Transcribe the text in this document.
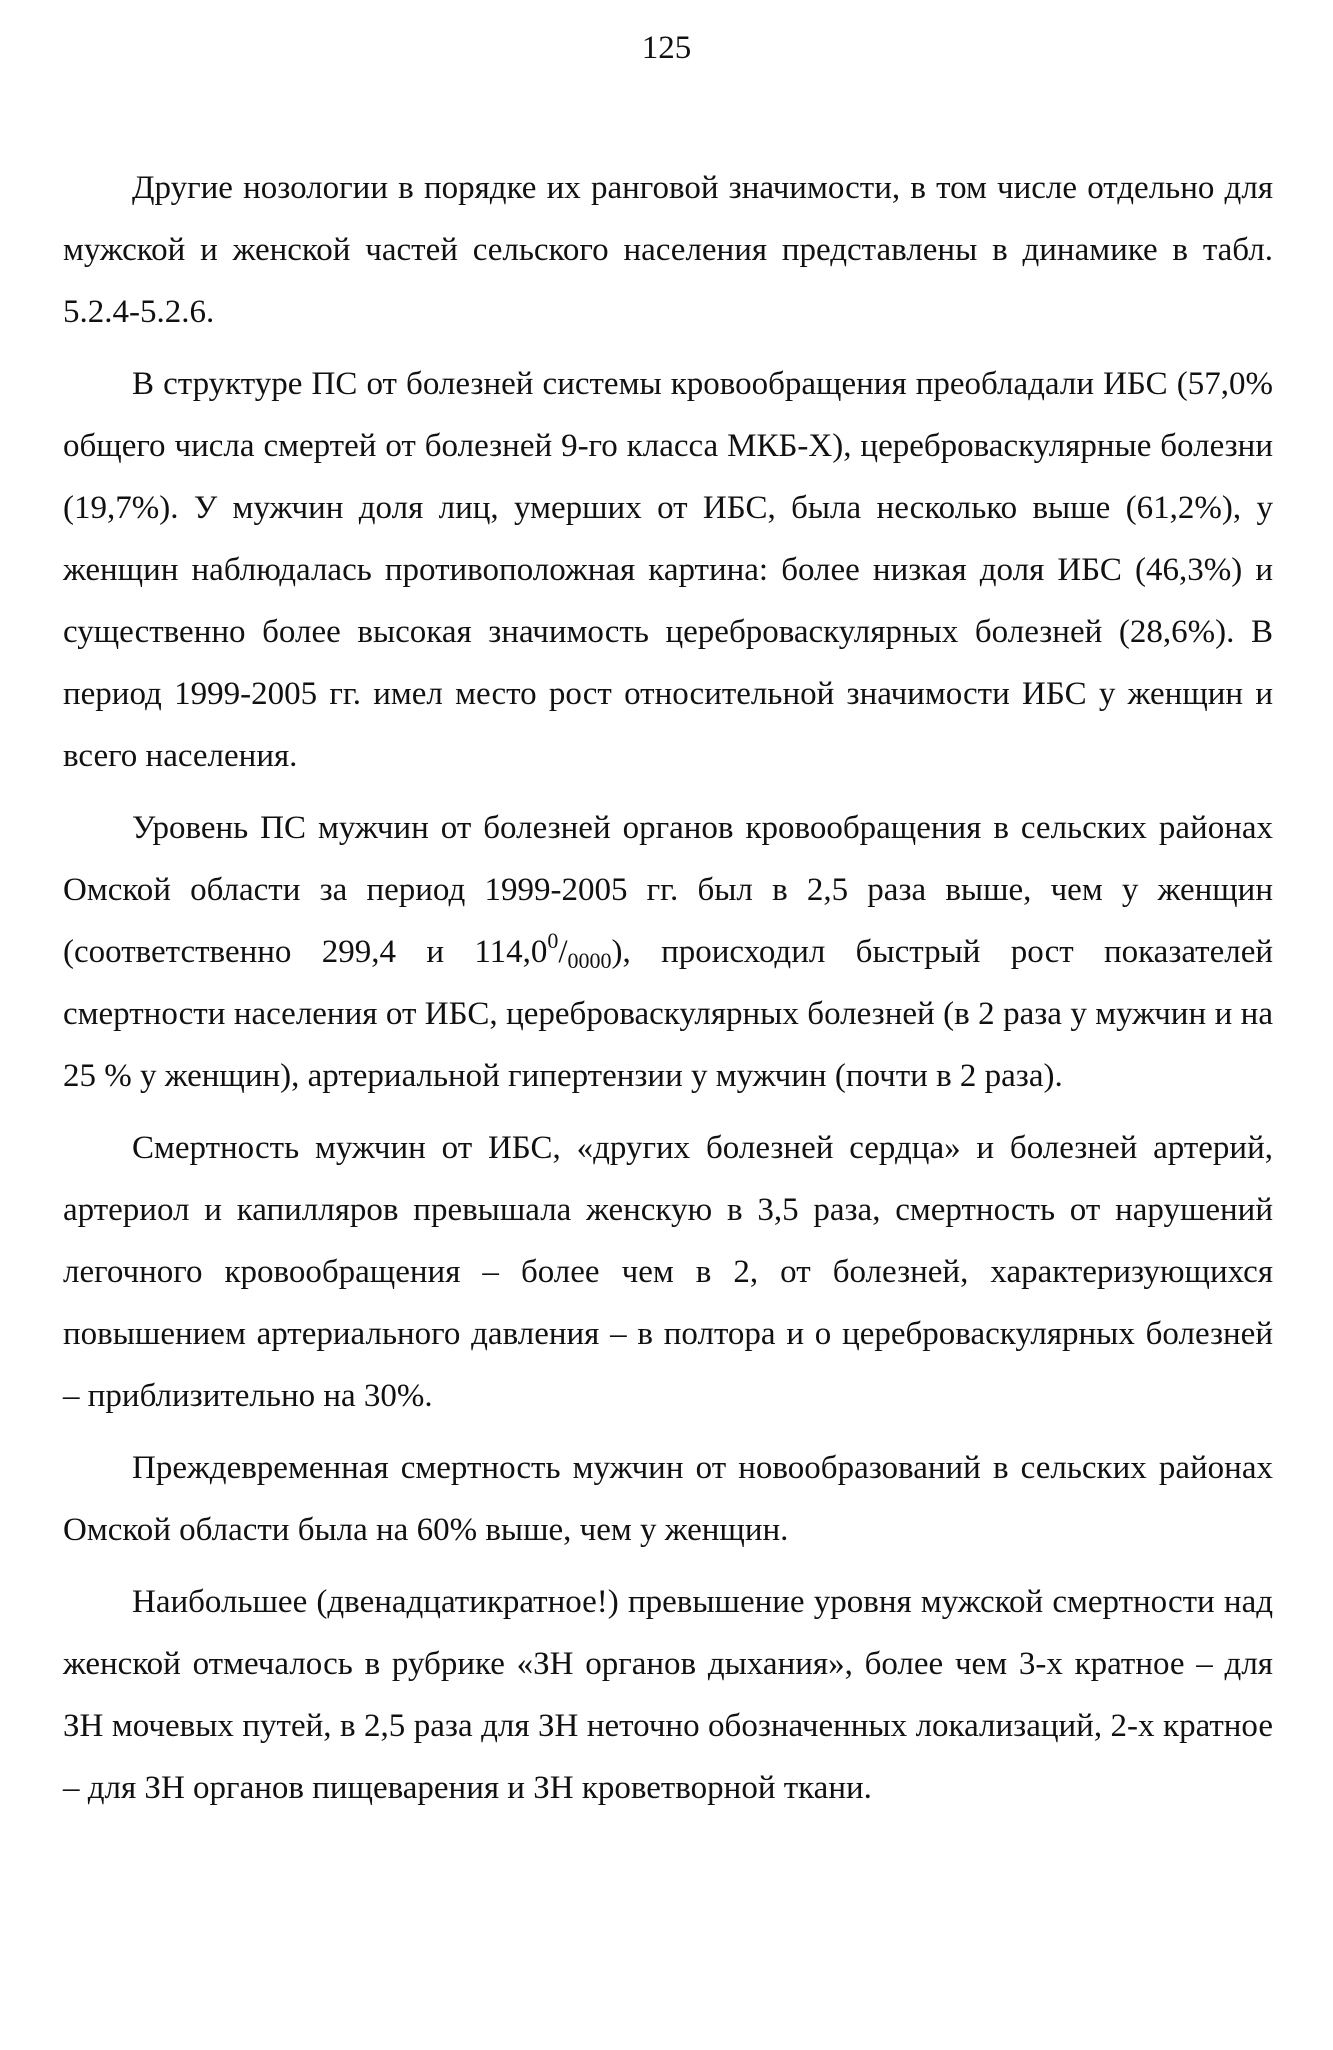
125

Другие нозологии в порядке их ранговой значимости, в том числе отдельно для мужской и женской частей сельского населения представлены в динамике в табл. 5.2.4-5.2.6.

В структуре ПС от болезней системы кровообращения преобладали ИБС (57,0% общего числа смертей от болезней 9-го класса МКБ-Х), цереброваскулярные болезни (19,7%). У мужчин доля лиц, умерших от ИБС, была несколько выше (61,2%), у женщин наблюдалась противоположная картина: более низкая доля ИБС (46,3%) и существенно более высокая значимость цереброваскулярных болезней (28,6%). В период 1999-2005 гг. имел место рост относительной значимости ИБС у женщин и всего населения.

Уровень ПС мужчин от болезней органов кровообращения в сельских районах Омской области за период 1999-2005 гг. был в 2,5 раза выше, чем у женщин (соответственно 299,4 и $114,0^0/_{0000}$), происходил быстрый рост показателей смертности населения от ИБС, цереброваскулярных болезней (в 2 раза у мужчин и на 25 % у женщин), артериальной гипертензии у мужчин (почти в 2 раза).

Смертность мужчин от ИБС, «других болезней сердца» и болезней артерий, артериол и капилляров превышала женскую в 3,5 раза, смертность от нарушений легочного кровообращения – более чем в 2, от болезней, характеризующихся повышением артериального давления – в полтора и о цереброваскулярных болезней – приблизительно на 30%.

Преждевременная смертность мужчин от новообразований в сельских районах Омской области была на 60% выше, чем у женщин.

Наибольшее (двенадцатикратное!) превышение уровня мужской смертности над женской отмечалось в рубрике «ЗН органов дыхания», более чем 3-х кратное – для ЗН мочевых путей, в 2,5 раза для ЗН неточно обозначенных локализаций, 2-х кратное – для ЗН органов пищеварения и ЗН кроветворной ткани.
